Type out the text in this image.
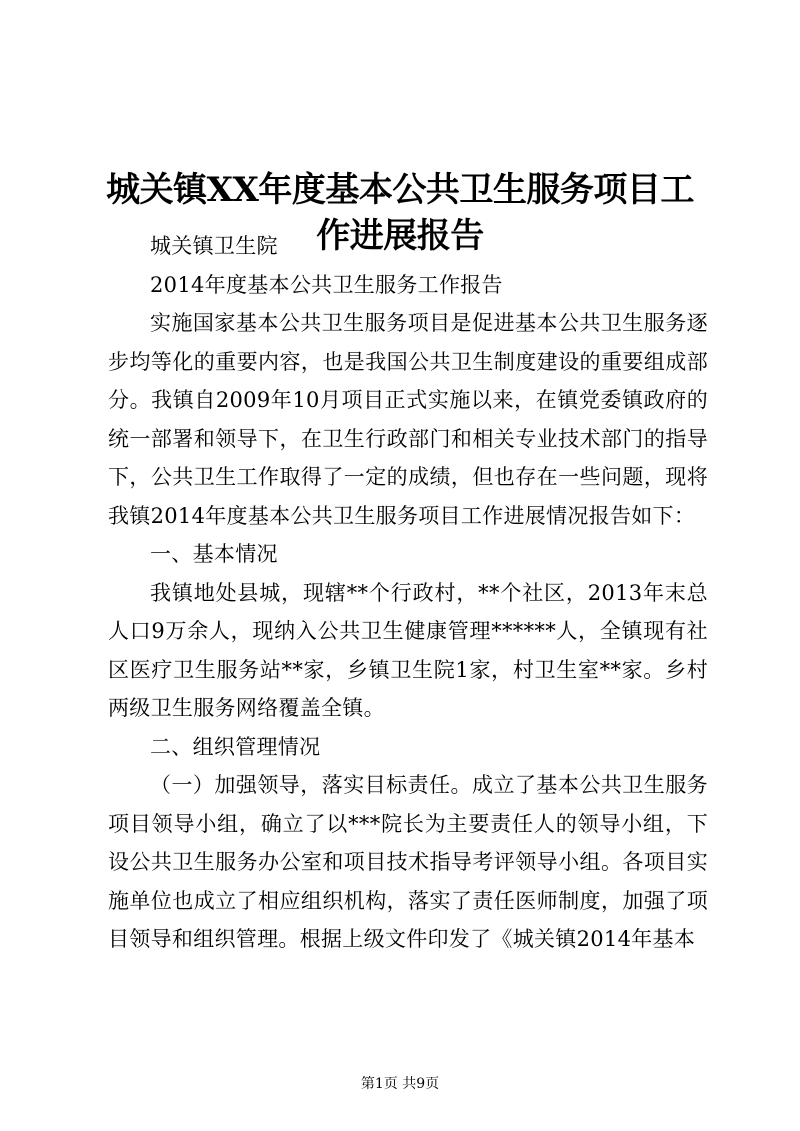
城关镇XX年度基本公共卫生服务项目工作进展报告

城关镇卫生院

2014年度基本公共卫生服务工作报告

实施国家基本公共卫生服务项目是促进基本公共卫生服务逐步均等化的重要内容，也是我国公共卫生制度建设的重要组成部分。我镇自2009年10月项目正式实施以来，在镇党委镇政府的统一部署和领导下，在卫生行政部门和相关专业技术部门的指导下，公共卫生工作取得了一定的成绩，但也存在一些问题，现将我镇2014年度基本公共卫生服务项目工作进展情况报告如下：

一、基本情况

我镇地处县城，现辖**个行政村，**个社区，2013年末总人口9万余人，现纳入公共卫生健康管理******人，全镇现有社区医疗卫生服务站**家，乡镇卫生院1家，村卫生室**家。乡村两级卫生服务网络覆盖全镇。

二、组织管理情况

（一）加强领导，落实目标责任。成立了基本公共卫生服务项目领导小组，确立了以***院长为主要责任人的领导小组，下设公共卫生服务办公室和项目技术指导考评领导小组。各项目实施单位也成立了相应组织机构，落实了责任医师制度，加强了项目领导和组织管理。根据上级文件印发了《城关镇2014年基本

第1页 共9页
